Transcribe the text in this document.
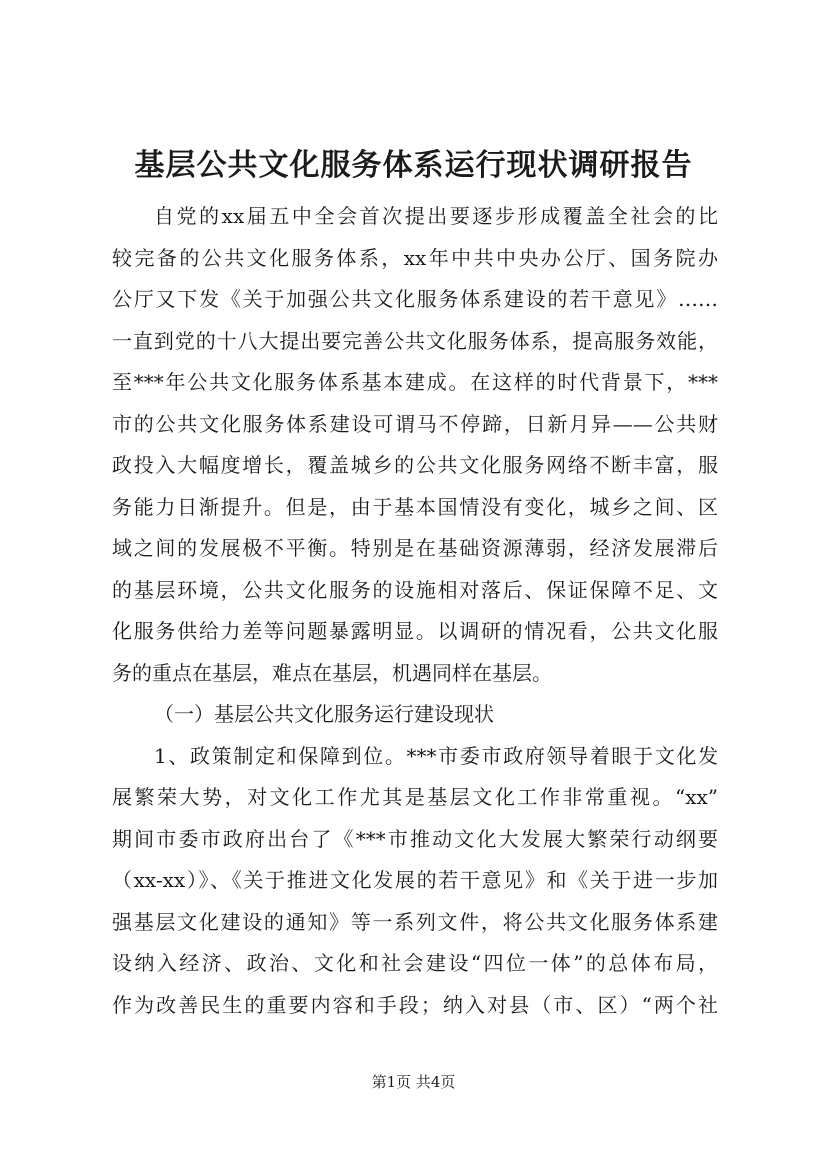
基层公共文化服务体系运行现状调研报告
自党的xx届五中全会首次提出要逐步形成覆盖全社会的比
较完备的公共文化服务体系，xx年中共中央办公厅、国务院办
公厅又下发《关于加强公共文化服务体系建设的若干意见》……
一直到党的十八大提出要完善公共文化服务体系，提高服务效能，
至***年公共文化服务体系基本建成。在这样的时代背景下，***
市的公共文化服务体系建设可谓马不停蹄，日新月异——公共财
政投入大幅度增长，覆盖城乡的公共文化服务网络不断丰富，服
务能力日渐提升。但是，由于基本国情没有变化，城乡之间、区
域之间的发展极不平衡。特别是在基础资源薄弱，经济发展滞后
的基层环境，公共文化服务的设施相对落后、保证保障不足、文
化服务供给力差等问题暴露明显。以调研的情况看，公共文化服
务的重点在基层，难点在基层，机遇同样在基层。
（一）基层公共文化服务运行建设现状
1、政策制定和保障到位。***市委市政府领导着眼于文化发
展繁荣大势，对文化工作尤其是基层文化工作非常重视。“xx”
期间市委市政府出台了《***市推动文化大发展大繁荣行动纲要
（xx-xx）》、《关于推进文化发展的若干意见》和《关于进一步加
强基层文化建设的通知》等一系列文件，将公共文化服务体系建
设纳入经济、政治、文化和社会建设“四位一体”的总体布局，
作为改善民生的重要内容和手段；纳入对县（市、区）“两个社
第1页 共4页
